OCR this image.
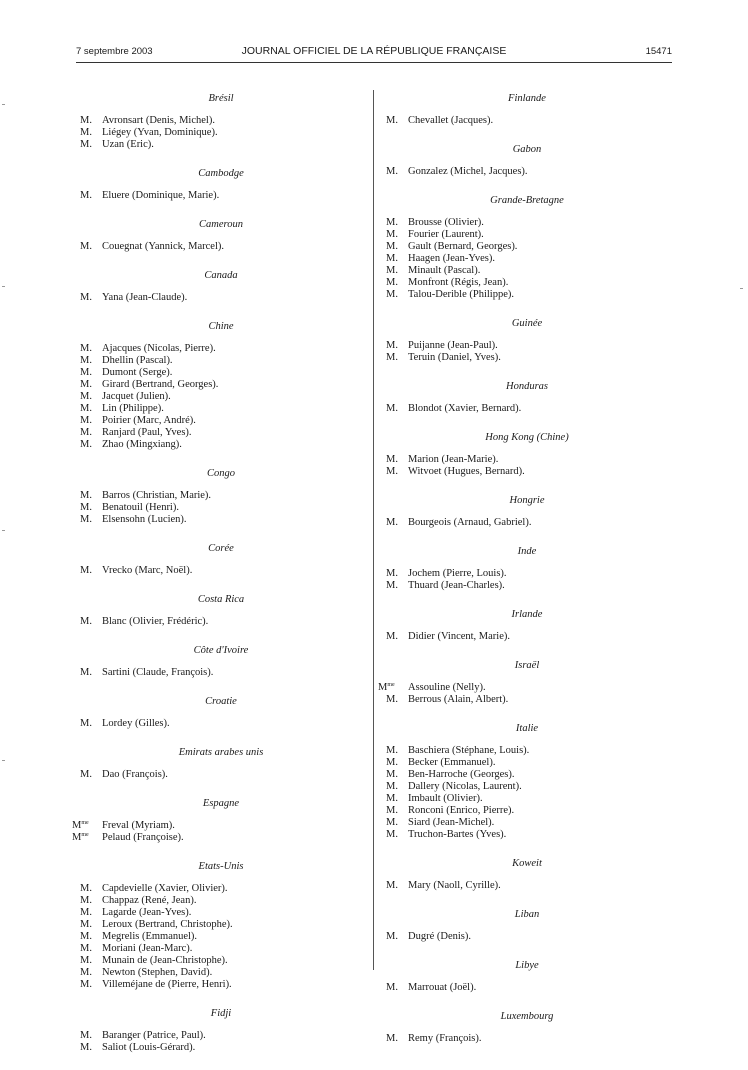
7 septembre 2003	JOURNAL OFFICIEL DE LA RÉPUBLIQUE FRANÇAISE	15471
Brésil
M. Avronsart (Denis, Michel).
M. Liégey (Yvan, Dominique).
M. Uzan (Eric).
Cambodge
M. Eluere (Dominique, Marie).
Cameroun
M. Couegnat (Yannick, Marcel).
Canada
M. Yana (Jean-Claude).
Chine
M. Ajacques (Nicolas, Pierre).
M. Dhellin (Pascal).
M. Dumont (Serge).
M. Girard (Bertrand, Georges).
M. Jacquet (Julien).
M. Lin (Philippe).
M. Poirier (Marc, André).
M. Ranjard (Paul, Yves).
M. Zhao (Mingxiang).
Congo
M. Barros (Christian, Marie).
M. Benatouil (Henri).
M. Elsensohn (Lucien).
Corée
M. Vrecko (Marc, Noël).
Costa Rica
M. Blanc (Olivier, Frédéric).
Côte d'Ivoire
M. Sartini (Claude, François).
Croatie
M. Lordey (Gilles).
Emirats arabes unis
M. Dao (François).
Espagne
$M^{me}$ Freval (Myriam).
$M^{me}$ Pelaud (Françoise).
Etats-Unis
M. Capdevielle (Xavier, Olivier).
M. Chappaz (René, Jean).
M. Lagarde (Jean-Yves).
M. Leroux (Bertrand, Christophe).
M. Megrelis (Emmanuel).
M. Moriani (Jean-Marc).
M. Munain de (Jean-Christophe).
M. Newton (Stephen, David).
M. Villeméjane de (Pierre, Henri).
Fidji
M. Baranger (Patrice, Paul).
M. Saliot (Louis-Gérard).
Finlande
M. Chevallet (Jacques).
Gabon
M. Gonzalez (Michel, Jacques).
Grande-Bretagne
M. Brousse (Olivier).
M. Fourier (Laurent).
M. Gault (Bernard, Georges).
M. Haagen (Jean-Yves).
M. Minault (Pascal).
M. Monfront (Régis, Jean).
M. Talou-Derible (Philippe).
Guinée
M. Puijanne (Jean-Paul).
M. Teruin (Daniel, Yves).
Honduras
M. Blondot (Xavier, Bernard).
Hong Kong (Chine)
M. Marion (Jean-Marie).
M. Witvoet (Hugues, Bernard).
Hongrie
M. Bourgeois (Arnaud, Gabriel).
Inde
M. Jochem (Pierre, Louis).
M. Thuard (Jean-Charles).
Irlande
M. Didier (Vincent, Marie).
Israël
$M^{me}$ Assouline (Nelly).
M. Berrous (Alain, Albert).
Italie
M. Baschiera (Stéphane, Louis).
M. Becker (Emmanuel).
M. Ben-Harroche (Georges).
M. Dallery (Nicolas, Laurent).
M. Imbault (Olivier).
M. Ronconi (Enrico, Pierre).
M. Siard (Jean-Michel).
M. Truchon-Bartes (Yves).
Koweit
M. Mary (Naoll, Cyrille).
Liban
M. Dugré (Denis).
Libye
M. Marrouat (Joël).
Luxembourg
M. Remy (François).
